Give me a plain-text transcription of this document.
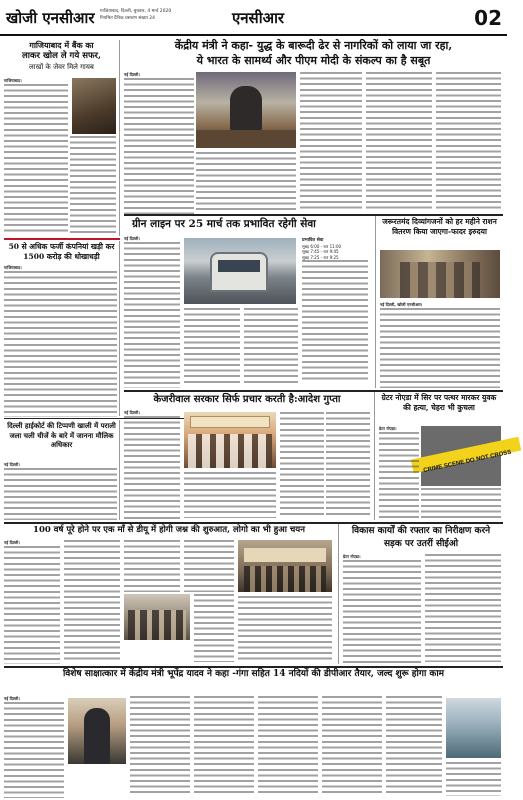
खोजी एनसीआर	गाजियाबाद, दिल्ली, बुधवार, 4 मार्च 2020
नियमित दैनिक प्रसारण संख्या 24	एनसीआर	02
गाजियाबाद में बैंक का
लाकर खोल ले गये सफर,
लाखों के जेवर मिले गायब
गाजियाबाद।
50 से अधिक फर्जी कंपनियां खड़ी कर 1500 करोड़ की धोखाधड़ी
गाजियाबाद।
केंद्रीय मंत्री ने कहा- युद्ध के बारूदी ढेर से नागरिकों को लाया जा रहा,
ये भारत के सामर्थ्य और पीएम मोदी के संकल्प का है सबूत
नई दिल्ली।
ग्रीन लाइन पर 25 मार्च तक प्रभावित रहेगी सेवा
नई दिल्ली।	प्रभावित सेवा
सुबह 6:00 - रात 11:00
सुबह 7:45 - रात 9:45
सुबह 7:25 - रात 9:25
जरूरतमंद दिव्यांगजनों को हर महीने राशन वितरण किया जाएगा-फादर इरुदया
नई दिल्ली, खोजी एनसीआर।
केजरीवाल सरकार सिर्फ प्रचार करती है:आदेश गुप्ता
नई दिल्ली।
ग्रेटर नोएडा में सिर पर पत्थर मारकर युवक की हत्या, चेहरा भी कुचला
CRIME SCENE DO NOT CROSS
ग्रेटर नोएडा।
दिल्ली हाईकोर्ट की टिप्पणी खाली में पराली जला चली चीजें के बारे में जानना मौलिक अधिकार
नई दिल्ली।
100 वर्ष पूरे होने पर एक माँ से डीयू में होगी जश्न की शुरुआत, लोगो का भी हुआ चयन
नई दिल्ली।
विकास कार्यों की रफ्तार का निरीक्षण करने सड़क पर उतरीं सीईओ
ग्रेटर नोएडा।
विशेष साक्षात्कार में केंद्रीय मंत्री भूपेंद्र यादव ने कहा -गंगा सहित 14 नदियों की डीपीआर तैयार, जल्द शुरू होगा काम
नई दिल्ली।
